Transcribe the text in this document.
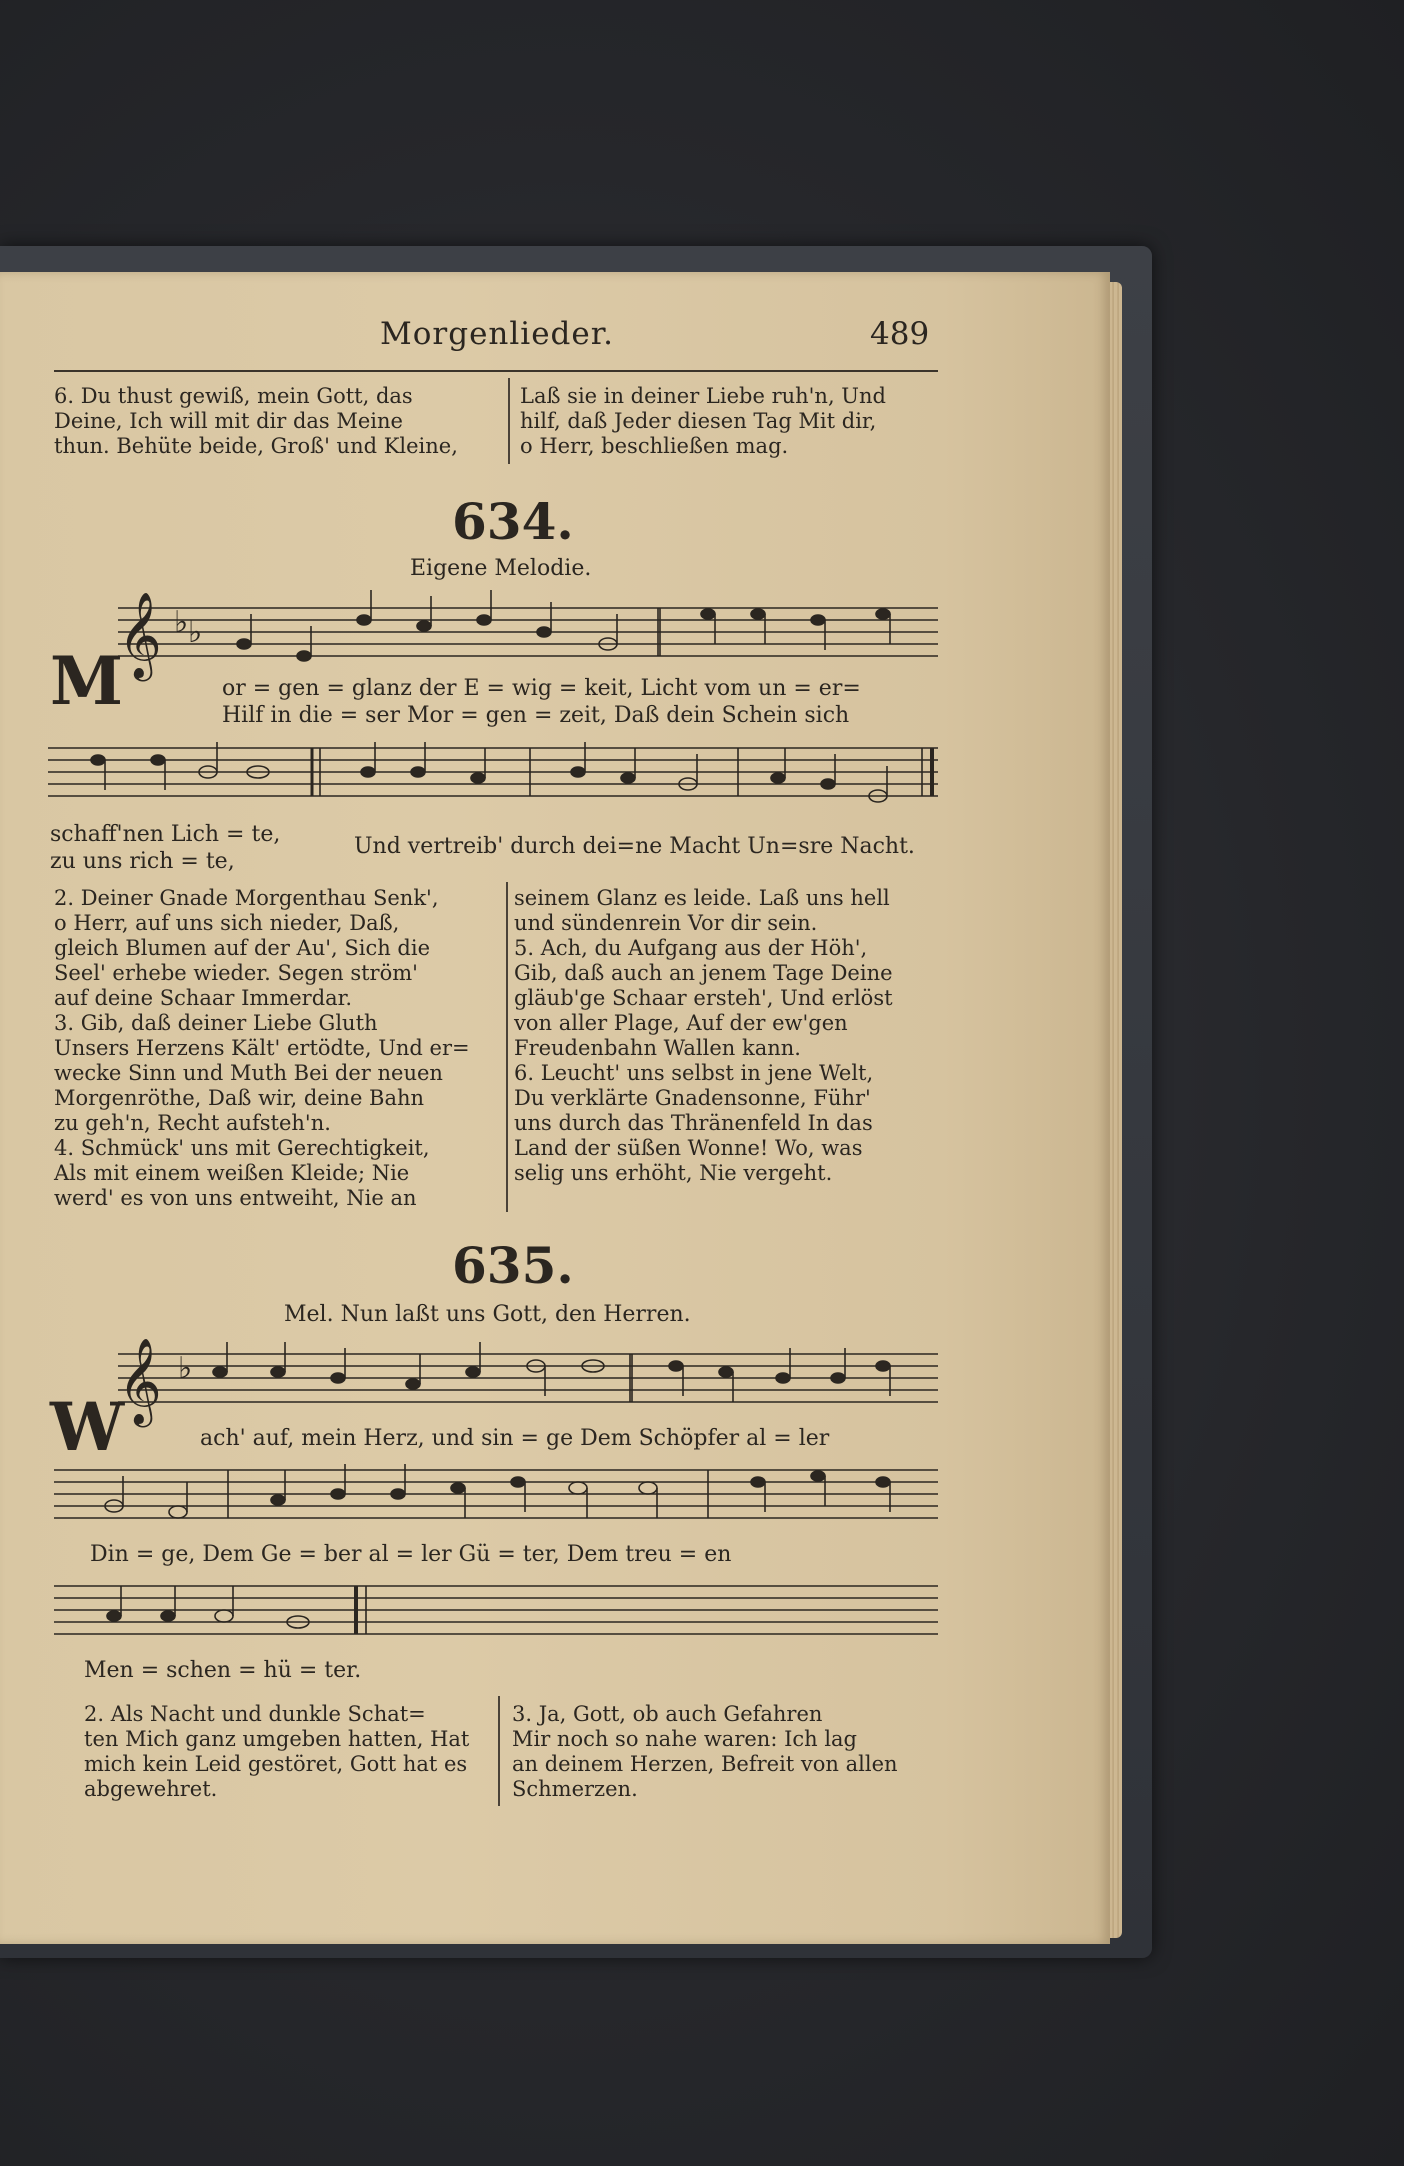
Morgenlieder.	489
6. Du thust gewiß, mein Gott, das
Deine, Ich will mit dir das Meine
thun. Behüte beide, Groß' und Kleine,
Laß sie in deiner Liebe ruh'n, Und
hilf, daß Jeder diesen Tag Mit dir,
o Herr, beschließen mag.
634.
Eigene Melodie.
𝄞 ♭ ♭
M	or = gen = glanz der E = wig = keit, Licht vom un = er=
Hilf in die = ser Mor = gen = zeit, Daß dein Schein sich
schaff'nen Lich = te,
zu uns rich = te,
Und vertreib' durch dei=ne Macht Un=sre Nacht.
2. Deiner Gnade Morgenthau Senk',
o Herr, auf uns sich nieder, Daß,
gleich Blumen auf der Au', Sich die
Seel' erhebe wieder. Segen ström'
auf deine Schaar Immerdar.
3. Gib, daß deiner Liebe Gluth
Unsers Herzens Kält' ertödte, Und er=
wecke Sinn und Muth Bei der neuen
Morgenröthe, Daß wir, deine Bahn
zu geh'n, Recht aufsteh'n.
4. Schmück' uns mit Gerechtigkeit,
Als mit einem weißen Kleide; Nie
werd' es von uns entweiht, Nie an
seinem Glanz es leide. Laß uns hell
und sündenrein Vor dir sein.
5. Ach, du Aufgang aus der Höh',
Gib, daß auch an jenem Tage Deine
gläub'ge Schaar ersteh', Und erlöst
von aller Plage, Auf der ew'gen
Freudenbahn Wallen kann.
6. Leucht' uns selbst in jene Welt,
Du verklärte Gnadensonne, Führ'
uns durch das Thränenfeld In das
Land der süßen Wonne! Wo, was
selig uns erhöht, Nie vergeht.
635.
Mel. Nun laßt uns Gott, den Herren.
𝄞 ♭
W	ach' auf, mein Herz, und sin = ge Dem Schöpfer al = ler
Din = ge, Dem Ge = ber al = ler Gü = ter, Dem treu = en
Men = schen = hü = ter.
2. Als Nacht und dunkle Schat=
ten Mich ganz umgeben hatten, Hat
mich kein Leid gestöret, Gott hat es
abgewehret.
3. Ja, Gott, ob auch Gefahren
Mir noch so nahe waren: Ich lag
an deinem Herzen, Befreit von allen
Schmerzen.
